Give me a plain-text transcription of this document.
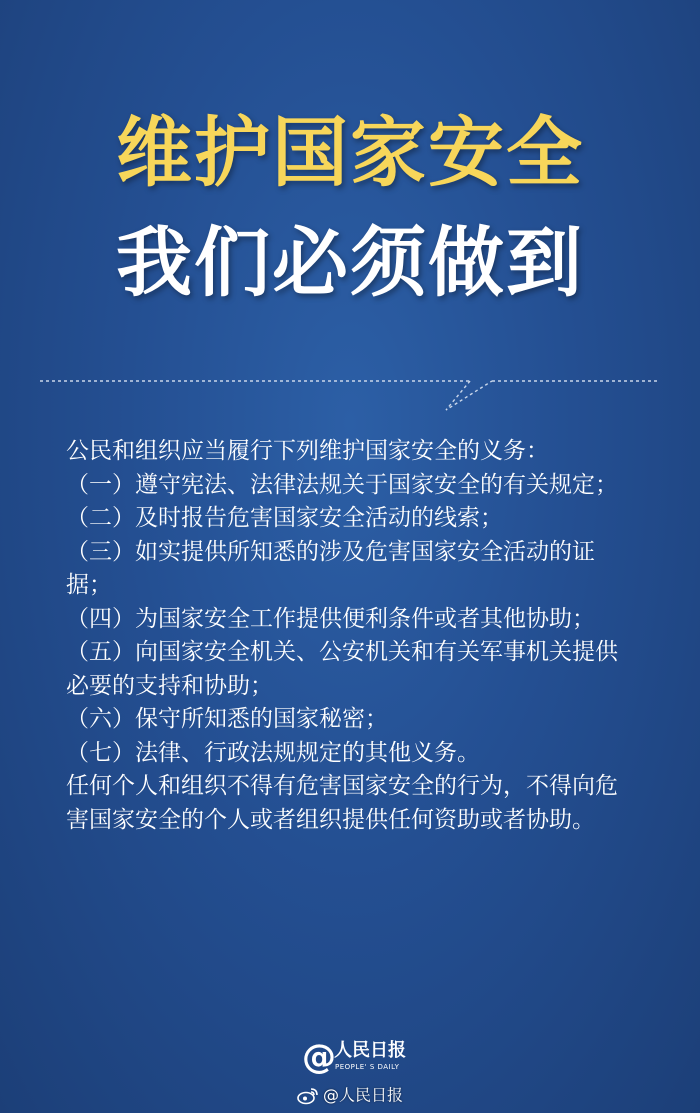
维护国家安全
我们必须做到

公民和组织应当履行下列维护国家安全的义务：

（一）遵守宪法、法律法规关于国家安全的有关规定；

（二）及时报告危害国家安全活动的线索；

（三）如实提供所知悉的涉及危害国家安全活动的证据；

（四）为国家安全工作提供便利条件或者其他协助；

（五）向国家安全机关、公安机关和有关军事机关提供必要的支持和协助；

（六）保守所知悉的国家秘密；

（七）法律、行政法规规定的其他义务。

任何个人和组织不得有危害国家安全的行为，不得向危害国家安全的个人或者组织提供任何资助或者协助。

@
人民日报
PEOPLE' S DAILY
@人民日报
